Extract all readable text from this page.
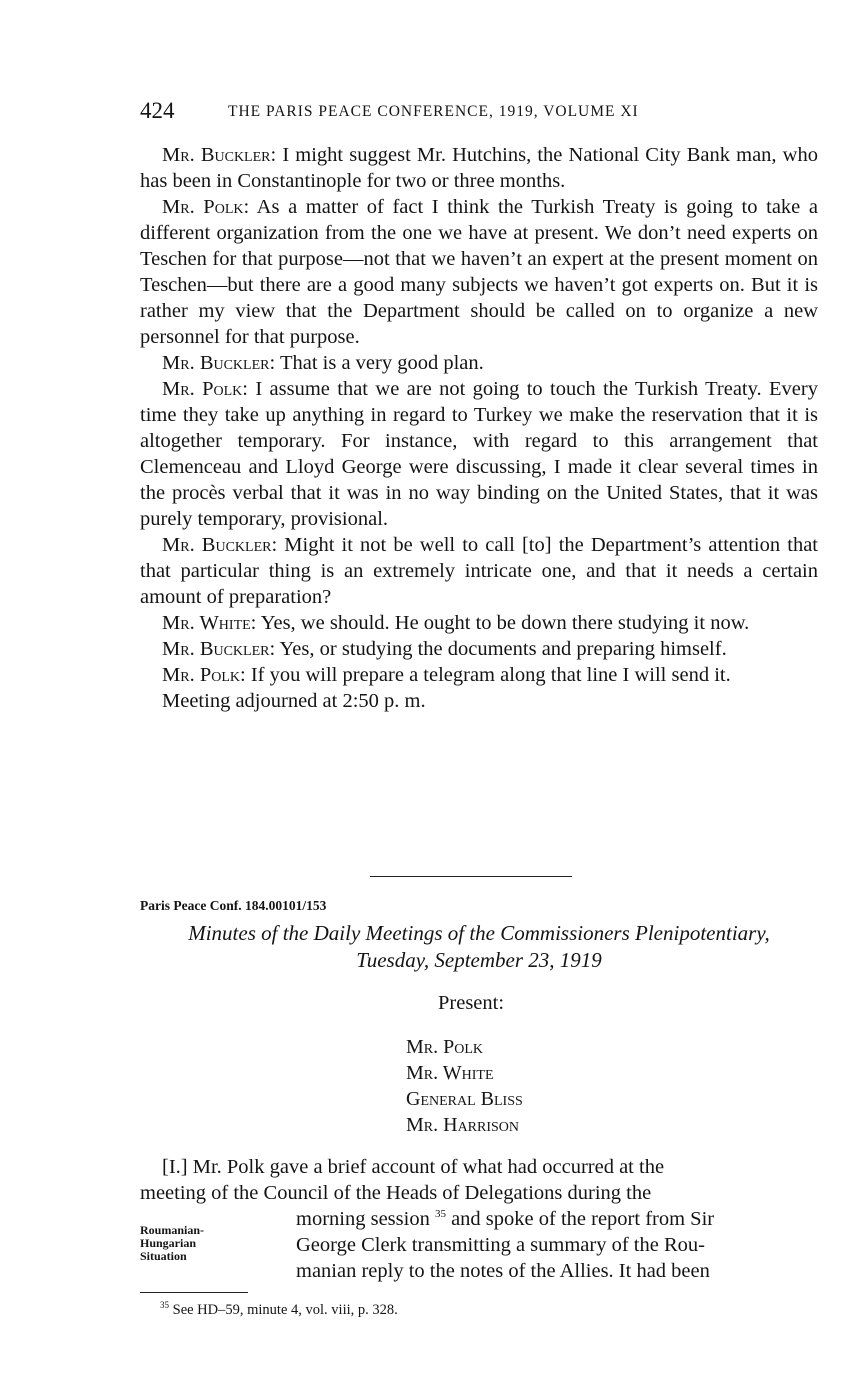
424	THE PARIS PEACE CONFERENCE, 1919, VOLUME XI

Mr. Buckler: I might suggest Mr. Hutchins, the National City Bank man, who has been in Constantinople for two or three months.

Mr. Polk: As a matter of fact I think the Turkish Treaty is going to take a different organization from the one we have at present. We don’t need experts on Teschen for that purpose—not that we haven’t an expert at the present moment on Teschen—but there are a good many subjects we haven’t got experts on. But it is rather my view that the Department should be called on to organize a new personnel for that purpose.

Mr. Buckler: That is a very good plan.

Mr. Polk: I assume that we are not going to touch the Turkish Treaty. Every time they take up anything in regard to Turkey we make the reservation that it is altogether temporary. For instance, with regard to this arrangement that Clemenceau and Lloyd George were discussing, I made it clear several times in the procès verbal that it was in no way binding on the United States, that it was purely temporary, provisional.

Mr. Buckler: Might it not be well to call [to] the Department’s attention that that particular thing is an extremely intricate one, and that it needs a certain amount of preparation?

Mr. White: Yes, we should. He ought to be down there studying it now.

Mr. Buckler: Yes, or studying the documents and preparing himself.

Mr. Polk: If you will prepare a telegram along that line I will send it.

Meeting adjourned at 2:50 p. m.

Paris Peace Conf. 184.00101/153
Minutes of the Daily Meetings of the Commissioners Plenipotentiary,
Tuesday, September 23, 1919
Present:
Mr. Polk
Mr. White
General Bliss
Mr. Harrison
[I.] Mr. Polk gave a brief account of what had occurred at the
meeting of the Council of the Heads of Delegations during the
morning session $^{35}$ and spoke of the report from Sir
George Clerk transmitting a summary of the Rou-
manian reply to the notes of the Allies. It had been
Roumanian-
Hungarian
Situation
$^{35}$ See HD–59, minute 4, vol. viii, p. 328.
